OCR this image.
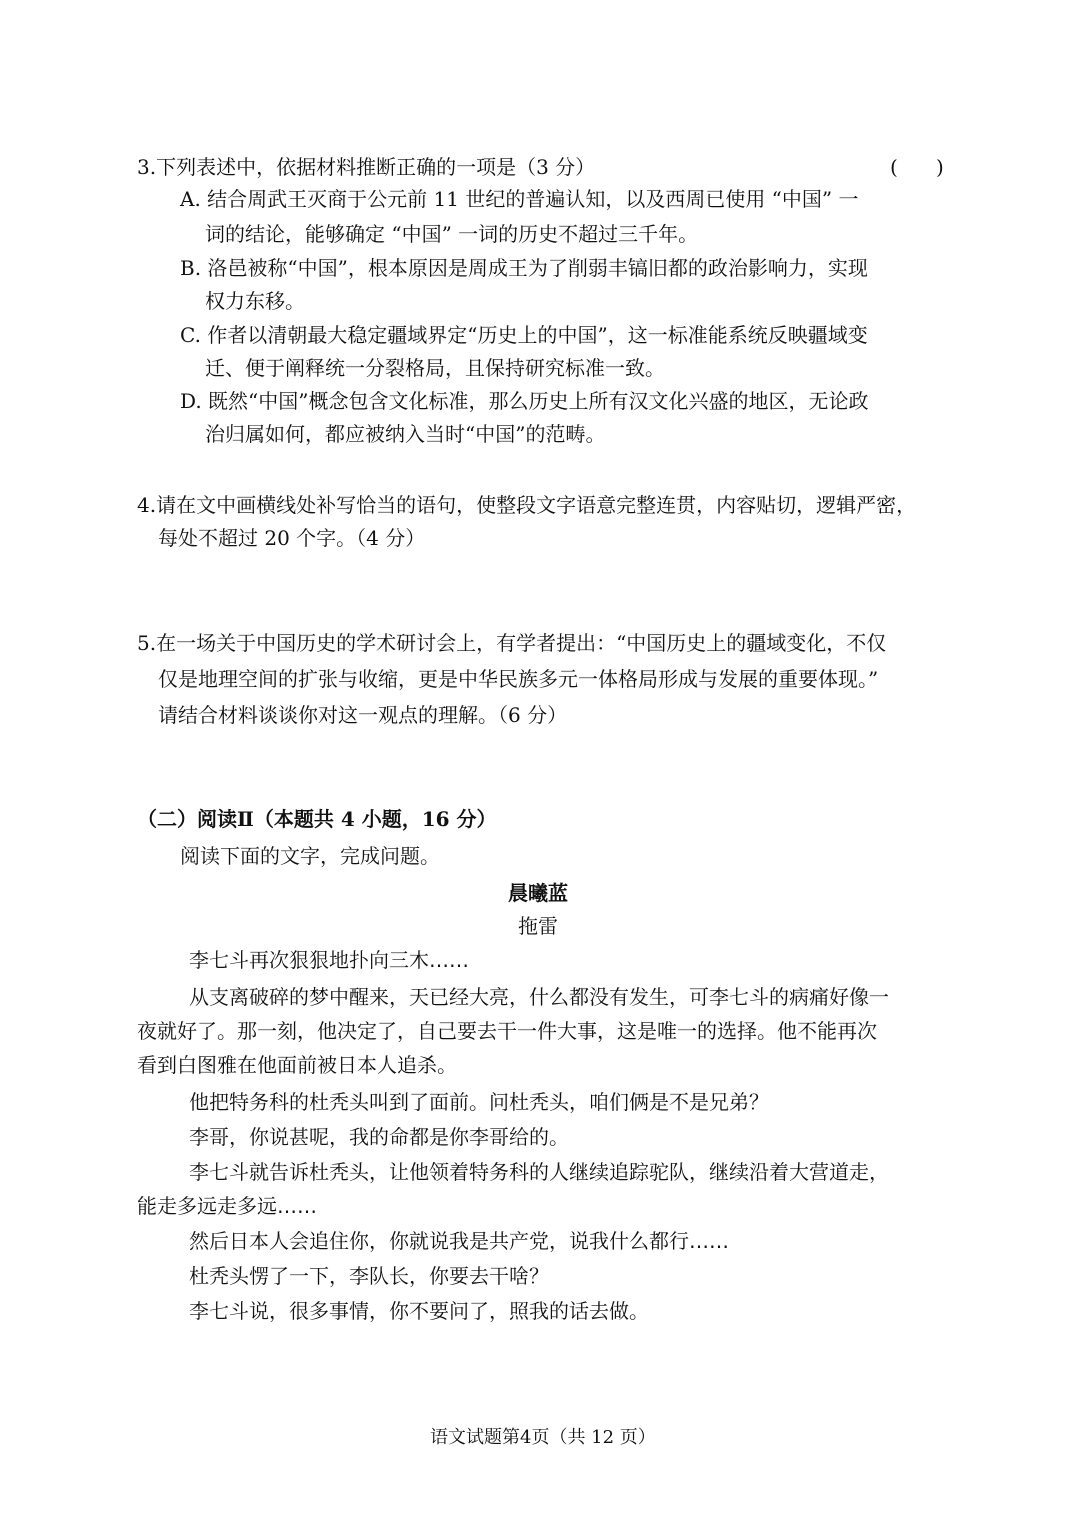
3.下列表述中，依据材料推断正确的一项是（3 分）	(      )
A. 结合周武王灭商于公元前 11 世纪的普遍认知，以及西周已使用 “中国” 一
词的结论，能够确定 “中国” 一词的历史不超过三千年。
B. 洛邑被称“中国”，根本原因是周成王为了削弱丰镐旧都的政治影响力，实现
权力东移。
C. 作者以清朝最大稳定疆域界定“历史上的中国”，这一标准能系统反映疆域变
迁、便于阐释统一分裂格局，且保持研究标准一致。
D. 既然“中国”概念包含文化标准，那么历史上所有汉文化兴盛的地区，无论政
治归属如何，都应被纳入当时“中国”的范畴。
4.请在文中画横线处补写恰当的语句，使整段文字语意完整连贯，内容贴切，逻辑严密，
每处不超过 20 个字。（4 分）
5.在一场关于中国历史的学术研讨会上，有学者提出：“中国历史上的疆域变化，不仅
仅是地理空间的扩张与收缩，更是中华民族多元一体格局形成与发展的重要体现。”
请结合材料谈谈你对这一观点的理解。（6 分）
（二）阅读Ⅱ（本题共 4 小题，16 分）
阅读下面的文字，完成问题。
晨曦蓝
拖雷
李七斗再次狠狠地扑向三木……
从支离破碎的梦中醒来，天已经大亮，什么都没有发生，可李七斗的病痛好像一
夜就好了。那一刻，他决定了，自己要去干一件大事，这是唯一的选择。他不能再次
看到白图雅在他面前被日本人追杀。
他把特务科的杜秃头叫到了面前。问杜秃头，咱们俩是不是兄弟？
李哥，你说甚呢，我的命都是你李哥给的。
李七斗就告诉杜秃头，让他领着特务科的人继续追踪驼队，继续沿着大营道走，
能走多远走多远……
然后日本人会追住你，你就说我是共产党，说我什么都行……
杜秃头愣了一下，李队长，你要去干啥？
李七斗说，很多事情，你不要问了，照我的话去做。
语文试题第4页（共 12 页）
